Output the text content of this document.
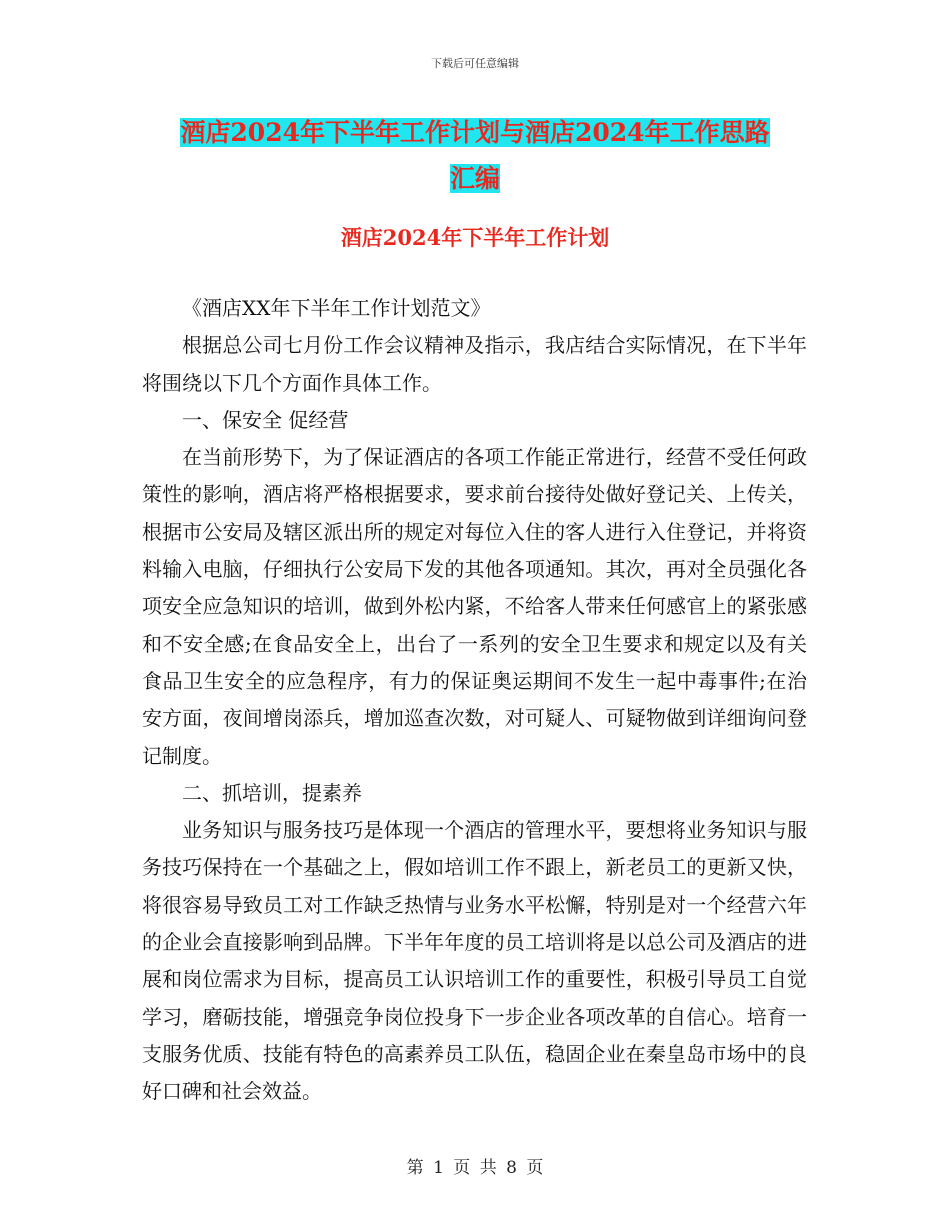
下载后可任意编辑
酒店2024年下半年工作计划与酒店2024年工作思路
汇编
酒店2024年下半年工作计划

《酒店XX年下半年工作计划范文》

根据总公司七月份工作会议精神及指示，我店结合实际情况，在下半年将围绕以下几个方面作具体工作。

一、保安全 促经营

在当前形势下，为了保证酒店的各项工作能正常进行，经营不受任何政策性的影响，酒店将严格根据要求，要求前台接待处做好登记关、上传关，根据市公安局及辖区派出所的规定对每位入住的客人进行入住登记，并将资料输入电脑，仔细执行公安局下发的其他各项通知。其次，再对全员强化各项安全应急知识的培训，做到外松内紧，不给客人带来任何感官上的紧张感和不安全感;在食品安全上，出台了一系列的安全卫生要求和规定以及有关食品卫生安全的应急程序，有力的保证奥运期间不发生一起中毒事件;在治安方面，夜间增岗添兵，增加巡查次数，对可疑人、可疑物做到详细询问登记制度。

二、抓培训，提素养

业务知识与服务技巧是体现一个酒店的管理水平，要想将业务知识与服务技巧保持在一个基础之上，假如培训工作不跟上，新老员工的更新又快，将很容易导致员工对工作缺乏热情与业务水平松懈，特别是对一个经营六年的企业会直接影响到品牌。下半年年度的员工培训将是以总公司及酒店的进展和岗位需求为目标，提高员工认识培训工作的重要性，积极引导员工自觉学习，磨砺技能，增强竞争岗位投身下一步企业各项改革的自信心。培育一支服务优质、技能有特色的高素养员工队伍，稳固企业在秦皇岛市场中的良好口碑和社会效益。

第 1 页 共 8 页
